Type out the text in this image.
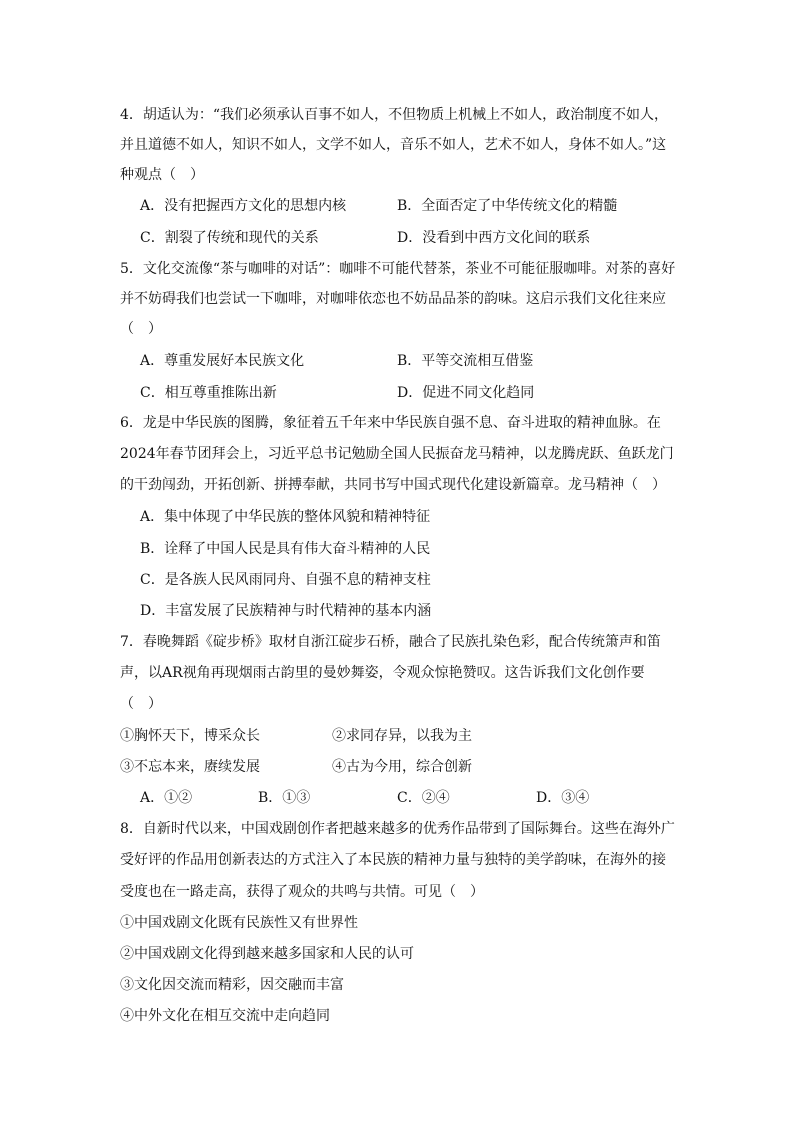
4．胡适认为：“我们必须承认百事不如人，不但物质上机械上不如人，政治制度不如人，
并且道德不如人，知识不如人，文学不如人，音乐不如人，艺术不如人，身体不如人。”这
种观点（　）
A．没有把握西方文化的思想内核	B．全面否定了中华传统文化的精髓
C．割裂了传统和现代的关系	D．没看到中西方文化间的联系
5．文化交流像“茶与咖啡的对话”：咖啡不可能代替茶，茶业不可能征服咖啡。对茶的喜好
并不妨碍我们也尝试一下咖啡，对咖啡依恋也不妨品品茶的韵味。这启示我们文化往来应
（　）
A．尊重发展好本民族文化	B．平等交流相互借鉴
C．相互尊重推陈出新	D．促进不同文化趋同
6．龙是中华民族的图腾，象征着五千年来中华民族自强不息、奋斗进取的精神血脉。在
2024年春节团拜会上，习近平总书记勉励全国人民振奋龙马精神，以龙腾虎跃、鱼跃龙门
的干劲闯劲，开拓创新、拼搏奉献，共同书写中国式现代化建设新篇章。龙马精神（　）
A．集中体现了中华民族的整体风貌和精神特征
B．诠释了中国人民是具有伟大奋斗精神的人民
C．是各族人民风雨同舟、自强不息的精神支柱
D．丰富发展了民族精神与时代精神的基本内涵
7．春晚舞蹈《碇步桥》取材自浙江碇步石桥，融合了民族扎染色彩，配合传统箫声和笛
声，以AR视角再现烟雨古韵里的曼妙舞姿，令观众惊艳赞叹。这告诉我们文化创作要
（　）
①胸怀天下，博采众长	②求同存异，以我为主
③不忘本来，赓续发展	④古为今用，综合创新
A．①②	B．①③	C．②④	D．③④
8．自新时代以来，中国戏剧创作者把越来越多的优秀作品带到了国际舞台。这些在海外广
受好评的作品用创新表达的方式注入了本民族的精神力量与独特的美学韵味，在海外的接
受度也在一路走高，获得了观众的共鸣与共情。可见（　）
①中国戏剧文化既有民族性又有世界性
②中国戏剧文化得到越来越多国家和人民的认可
③文化因交流而精彩，因交融而丰富
④中外文化在相互交流中走向趋同
